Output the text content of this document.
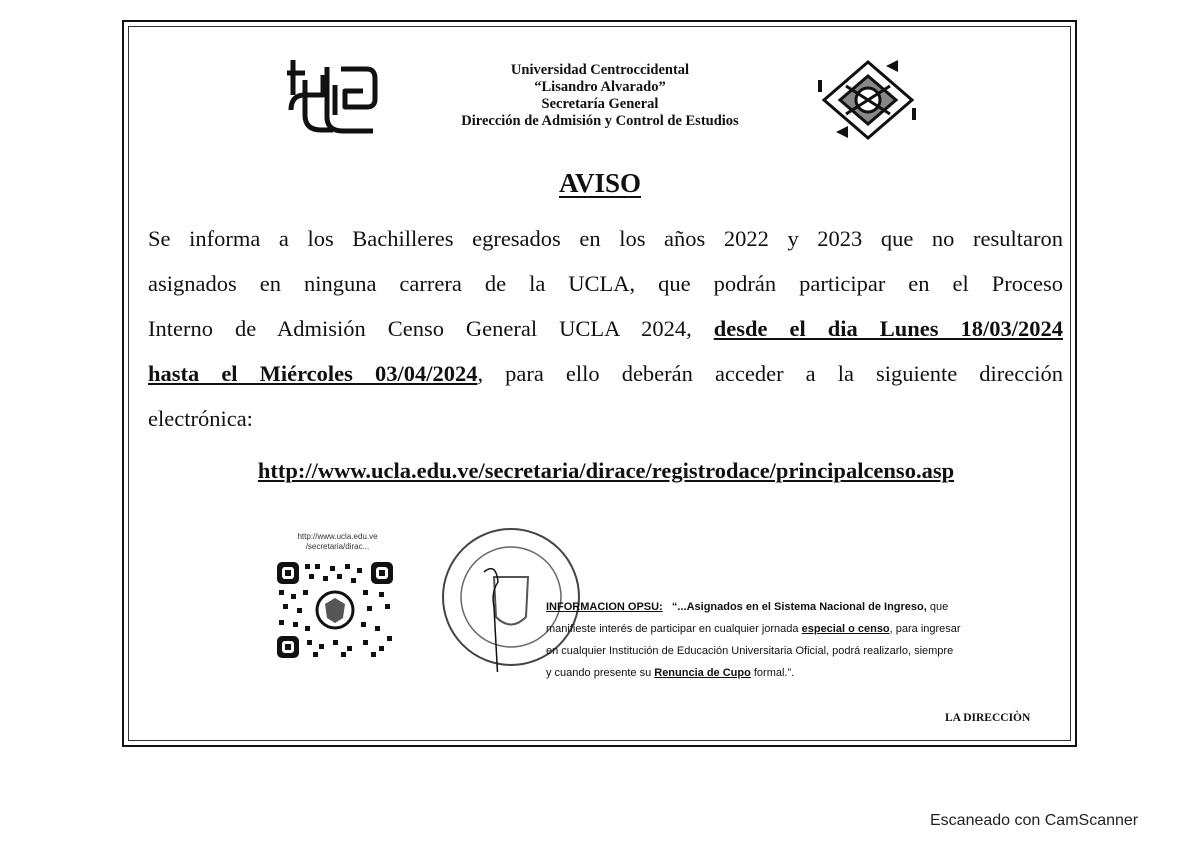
Universidad Centroccidental
“Lisandro Alvarado”
Secretaría General
Dirección de Admisión y Control de Estudios
AVISO
Se informa a los Bachilleres egresados en los años 2022 y 2023 que no resultaron
asignados en ninguna carrera de la UCLA, que podrán participar en el Proceso
Interno de Admisión Censo General UCLA 2024, desde el dia Lunes 18/03/2024
hasta el Miércoles 03/04/2024, para ello deberán acceder a la siguiente dirección
electrónica:
http://www.ucla.edu.ve/secretaria/dirace/registrodace/principalcenso.asp
http://www.ucla.edu.ve
/secretaria/dirac...
INFORMACION OPSU: “...Asignados en el Sistema Nacional de Ingreso, que
manifieste interés de participar en cualquier jornada especial o censo, para ingresar
en cualquier Institución de Educación Universitaria Oficial, podrá realizarlo, siempre
y cuando presente su Renuncia de Cupo formal.”.
LA DIRECCIÒN
Escaneado con CamScanner
